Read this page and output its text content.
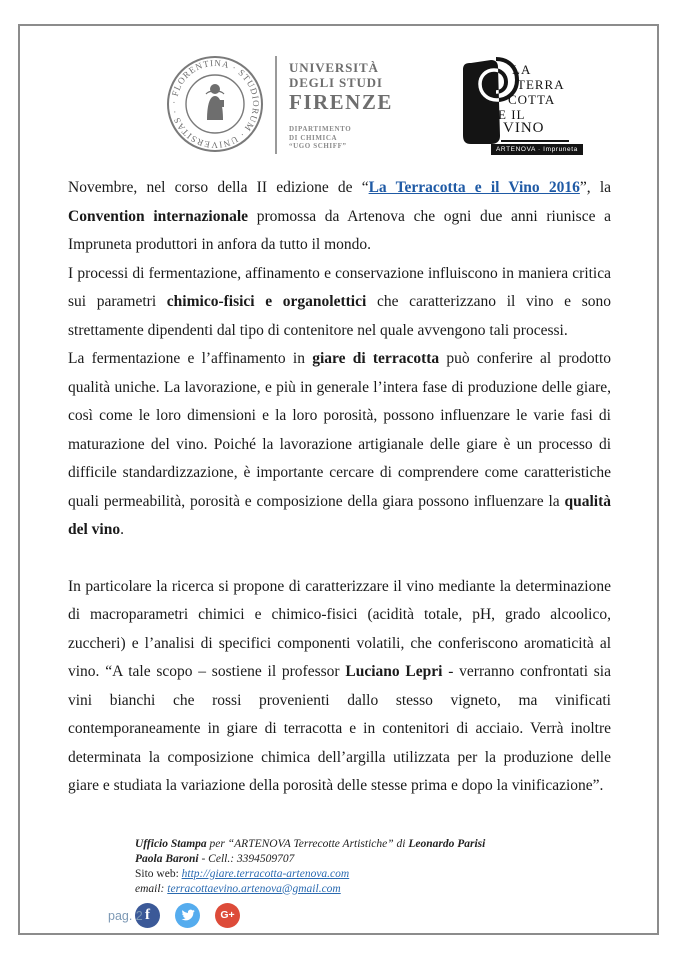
· FLORENTINA · STUDIORUM · UNIVERSITAS ·
UNIVERSITÀ
DEGLI STUDI
FIRENZE
DIPARTIMENTO
DI CHIMICA
“UGO SCHIFF”
LA
TERRA
COTTA
E IL
VINO
ARTENOVA · Impruneta

Novembre, nel corso della II edizione de “La Terracotta e il Vino 2016”, la Convention internazionale promossa da Artenova che ogni due anni riunisce a Impruneta produttori in anfora da tutto il mondo.

I processi di fermentazione, affinamento e conservazione influiscono in maniera critica sui parametri chimico-fisici e organolettici che caratterizzano il vino e sono strettamente dipendenti dal tipo di contenitore nel quale avvengono tali processi.

La fermentazione e l’affinamento in giare di terracotta può conferire al prodotto qualità uniche. La lavorazione, e più in generale l’intera fase di produzione delle giare, così come le loro dimensioni e la loro porosità, possono influenzare le varie fasi di maturazione del vino. Poiché la lavorazione artigianale delle giare è un processo di difficile standardizzazione, è importante cercare di comprendere come caratteristiche quali permeabilità, porosità e composizione della giara possono influenzare la qualità del vino.

In particolare la ricerca si propone di caratterizzare il vino mediante la determinazione di macroparametri chimici e chimico-fisici (acidità totale, pH, grado alcoolico, zuccheri) e l’analisi di specifici componenti volatili, che conferiscono aromaticità al vino. “A tale scopo – sostiene il professor Luciano Lepri - verranno confrontati sia vini bianchi che rossi provenienti dallo stesso vigneto, ma vinificati contemporaneamente in giare di terracotta e in contenitori di acciaio. Verrà inoltre determinata la composizione chimica dell’argilla utilizzata per la produzione delle giare e studiata la variazione della porosità delle stesse prima e dopo la vinificazione”.

Ufficio Stampa per “ARTENOVA Terrecotte Artistiche” di Leonardo Parisi
Paola Baroni - Cell.: 3394509707
Sito web: http://giare.terracotta-artenova.com
email: terracottaevino.artenova@gmail.com
f	G+
pag. 2
